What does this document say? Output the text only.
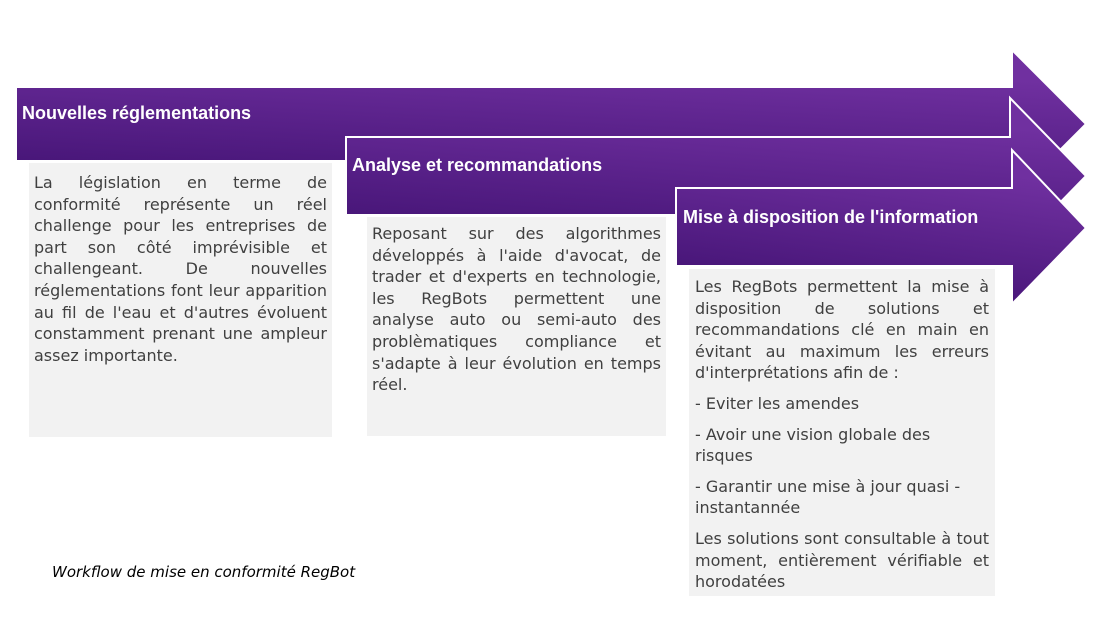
Nouvelles réglementations
Analyse et recommandations
Mise à disposition de l'information

La législation en terme de conformité représente un réel challenge pour les entreprises de part son côté imprévisible et challengeant. De nouvelles réglementations font leur apparition au fil de l'eau et d'autres évoluent constamment prenant une ampleur assez importante.

Reposant sur des algorithmes développés à l'aide d'avocat, de trader et d'experts en technologie, les RegBots permettent une analyse auto ou semi-auto des problèmatiques compliance et s'adapte à leur évolution en temps réel.

Les RegBots permettent la mise à disposition de solutions et recommandations clé en main en évitant au maximum les erreurs d'interprétations afin de :

- Eviter les amendes

- Avoir une vision globale des risques

- Garantir une mise à jour quasi - instantannée

Les solutions sont consultable à tout moment, entièrement vérifiable et horodatées

Workflow de mise en conformité RegBot
